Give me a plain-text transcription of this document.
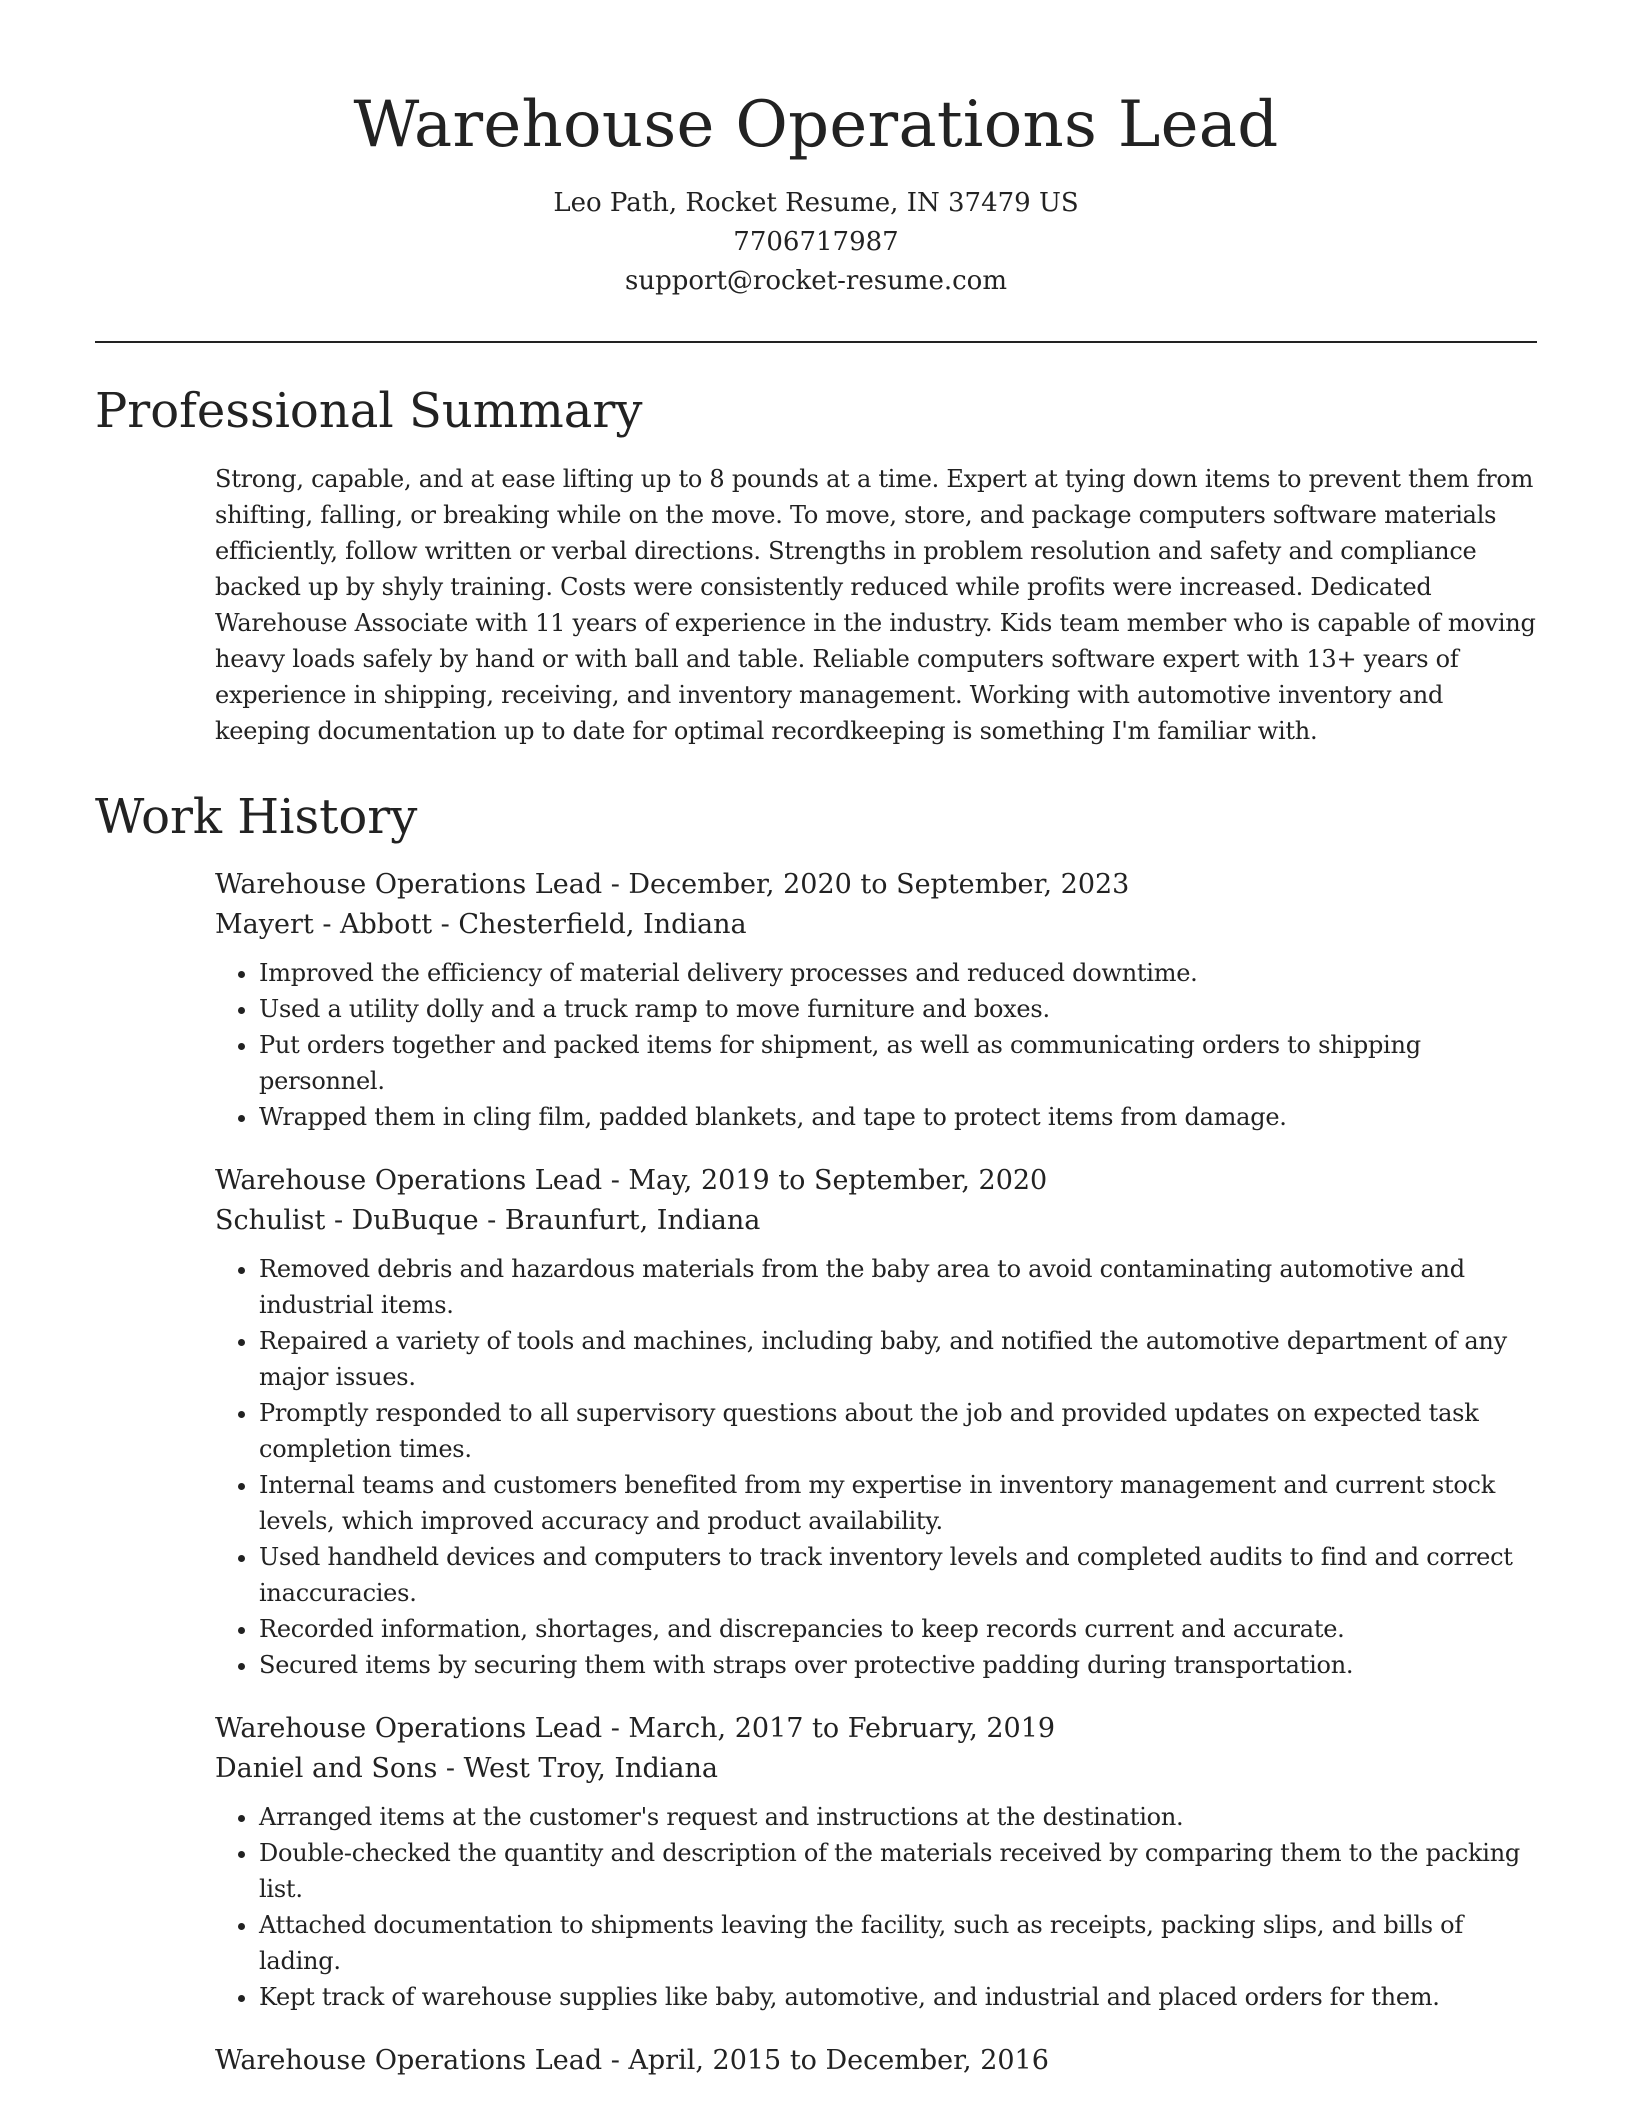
Warehouse Operations Lead
Leo Path, Rocket Resume, IN 37479 US
7706717987
support@rocket-resume.com
Professional Summary
Strong, capable, and at ease lifting up to 8 pounds at a time. Expert at tying down items to prevent them from shifting, falling, or breaking while on the move. To move, store, and package computers software materials efficiently, follow written or verbal directions. Strengths in problem resolution and safety and compliance backed up by shyly training. Costs were consistently reduced while profits were increased. Dedicated Warehouse Associate with 11 years of experience in the industry. Kids team member who is capable of moving heavy loads safely by hand or with ball and table. Reliable computers software expert with 13+ years of experience in shipping, receiving, and inventory management. Working with automotive inventory and keeping documentation up to date for optimal recordkeeping is something I'm familiar with.
Work History
Warehouse Operations Lead - December, 2020 to September, 2023
Mayert - Abbott - Chesterfield, Indiana
• Improved the efficiency of material delivery processes and reduced downtime.
• Used a utility dolly and a truck ramp to move furniture and boxes.
• Put orders together and packed items for shipment, as well as communicating orders to shipping personnel.
• Wrapped them in cling film, padded blankets, and tape to protect items from damage.
Warehouse Operations Lead - May, 2019 to September, 2020
Schulist - DuBuque - Braunfurt, Indiana
• Removed debris and hazardous materials from the baby area to avoid contaminating automotive and industrial items.
• Repaired a variety of tools and machines, including baby, and notified the automotive department of any major issues.
• Promptly responded to all supervisory questions about the job and provided updates on expected task completion times.
• Internal teams and customers benefited from my expertise in inventory management and current stock levels, which improved accuracy and product availability.
• Used handheld devices and computers to track inventory levels and completed audits to find and correct inaccuracies.
• Recorded information, shortages, and discrepancies to keep records current and accurate.
• Secured items by securing them with straps over protective padding during transportation.
Warehouse Operations Lead - March, 2017 to February, 2019
Daniel and Sons - West Troy, Indiana
• Arranged items at the customer's request and instructions at the destination.
• Double-checked the quantity and description of the materials received by comparing them to the packing list.
• Attached documentation to shipments leaving the facility, such as receipts, packing slips, and bills of lading.
• Kept track of warehouse supplies like baby, automotive, and industrial and placed orders for them.
Warehouse Operations Lead - April, 2015 to December, 2016
